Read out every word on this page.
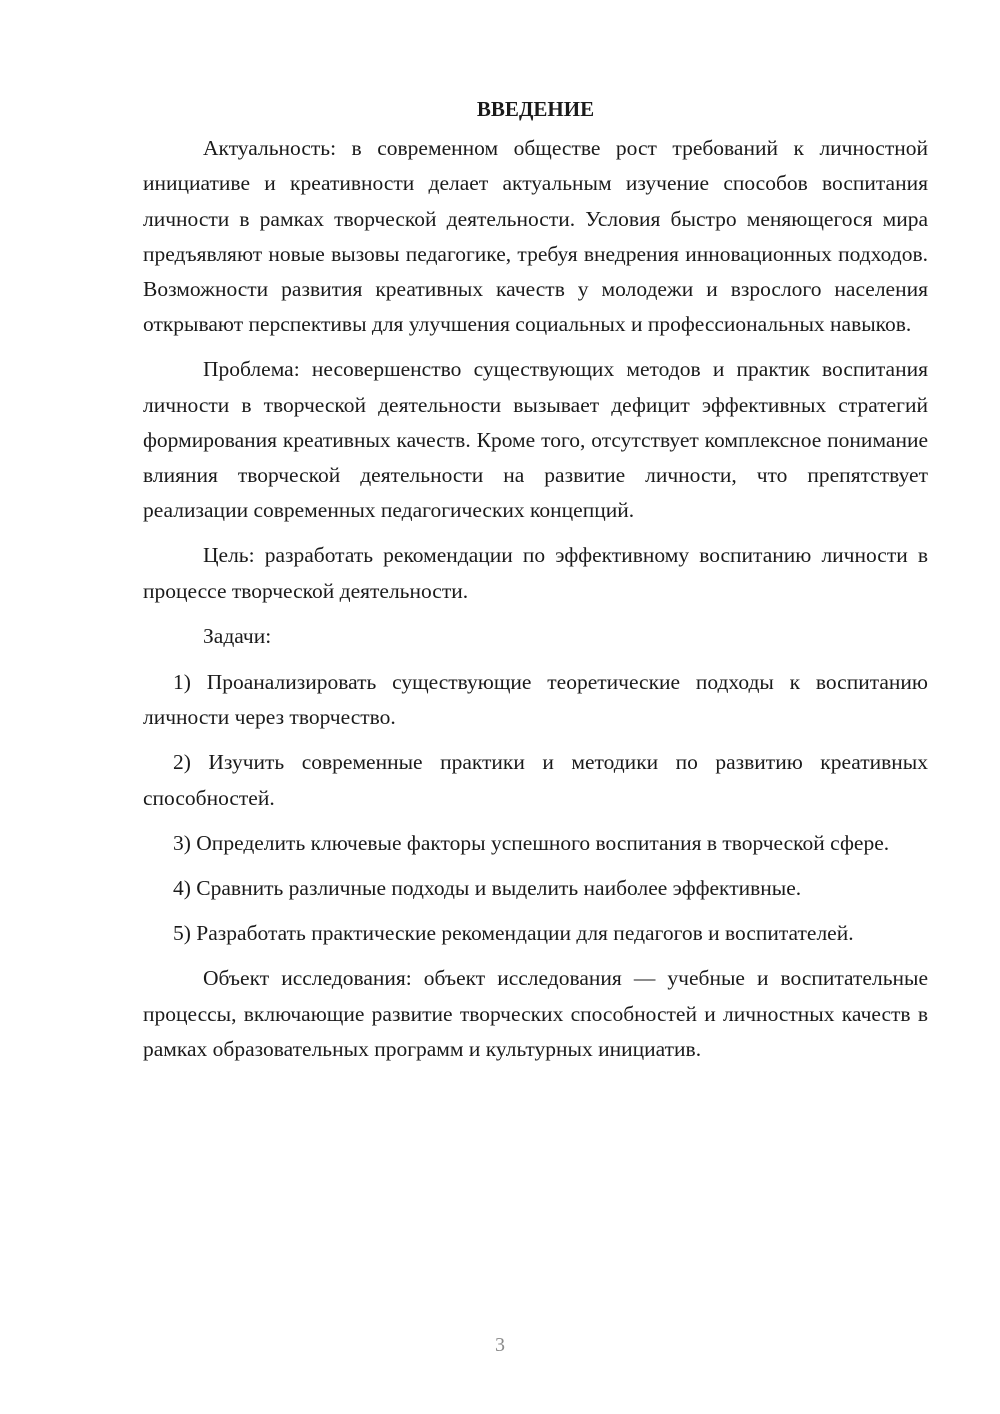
ВВЕДЕНИЕ

Актуальность: в современном обществе рост требований к личностной инициативе и креативности делает актуальным изучение способов воспитания личности в рамках творческой деятельности. Условия быстро меняющегося мира предъявляют новые вызовы педагогике, требуя внедрения инновационных подходов. Возможности развития креативных качеств у молодежи и взрослого населения открывают перспективы для улучшения социальных и профессиональных навыков.

Проблема: несовершенство существующих методов и практик воспитания личности в творческой деятельности вызывает дефицит эффективных стратегий формирования креативных качеств. Кроме того, отсутствует комплексное понимание влияния творческой деятельности на развитие личности, что препятствует реализации современных педагогических концепций.

Цель: разработать рекомендации по эффективному воспитанию личности в процессе творческой деятельности.

Задачи:

1) Проанализировать существующие теоретические подходы к воспитанию личности через творчество.

2) Изучить современные практики и методики по развитию креативных способностей.

3) Определить ключевые факторы успешного воспитания в творческой сфере.

4) Сравнить различные подходы и выделить наиболее эффективные.

5) Разработать практические рекомендации для педагогов и воспитателей.

Объект исследования: объект исследования — учебные и воспитательные процессы, включающие развитие творческих способностей и личностных качеств в рамках образовательных программ и культурных инициатив.

3
